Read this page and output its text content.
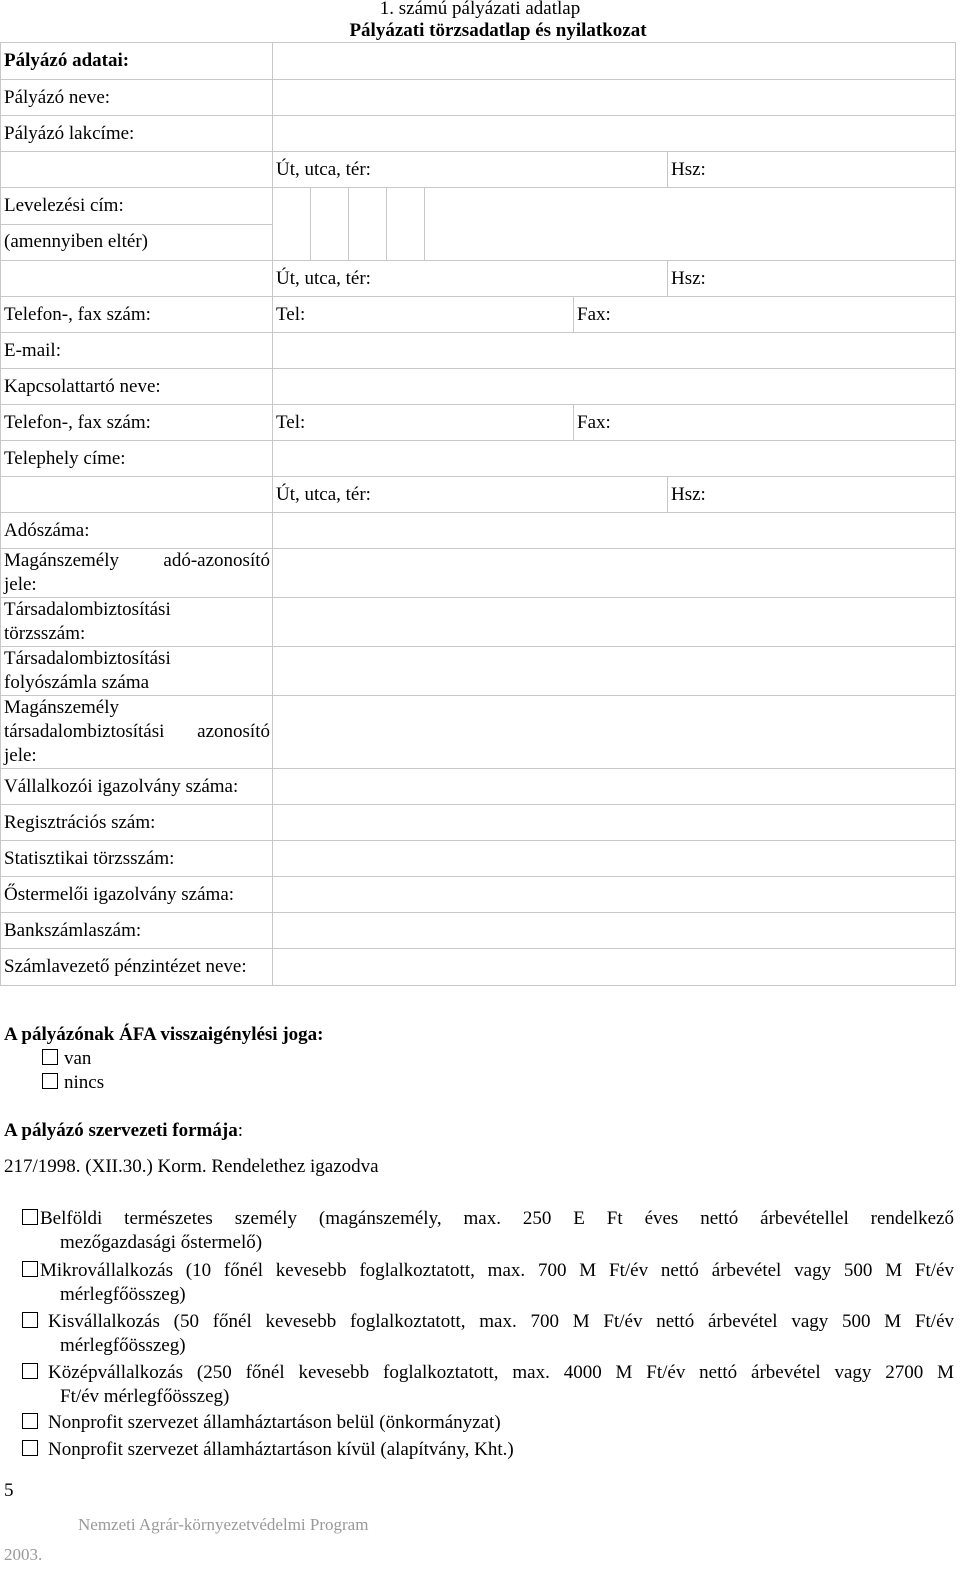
1. számú pályázati adatlap
Pályázati törzsadatlap és nyilatkozat
Pályázó adatai:			
Pályázó neve:			
Pályázó lakcíme:			

	Út, utca, tér:		Hsz:
Levelezési cím:			

(amennyiben eltér)			
	Út, utca, tér:		Hsz:
Telefon-, fax szám:	Tel:	Fax:	
E-mail:			
Kapcsolattartó neve:			
Telefon-, fax szám:	Tel:	Fax:	
Telephely címe:			

	Út, utca, tér:		Hsz:
Adószáma:			

Magánszemély adó-azonosító
jele:			

Társadalombiztosítási
törzsszám:			

Társadalombiztosítási
folyószámla száma			

Magánszemély
társadalombiztosítási azonosító
jele:			

Vállalkozói igazolvány száma:			
Regisztrációs szám:			
Statisztikai törzsszám:			
Őstermelői igazolvány száma:			
Bankszámlaszám:			
Számlavezető pénzintézet neve:			
A pályázónak ÁFA visszaigénylési joga:
van
nincs
A pályázó szervezeti formája:
217/1998. (XII.30.) Korm. Rendelethez igazodva
Belföldi természetes személy (magánszemély, max. 250 E Ft éves nettó árbevétellel rendelkező
mezőgazdasági őstermelő)
Mikrovállalkozás (10 főnél kevesebb foglalkoztatott, max. 700 M Ft/év nettó árbevétel vagy 500 M Ft/év
mérlegfőösszeg)
Kisvállalkozás (50 főnél kevesebb foglalkoztatott, max. 700 M Ft/év nettó árbevétel vagy 500 M Ft/év
mérlegfőösszeg)
Középvállalkozás (250 főnél kevesebb foglalkoztatott, max. 4000 M Ft/év nettó árbevétel vagy 2700 M
Ft/év mérlegfőösszeg)
Nonprofit szervezet államháztartáson belül (önkormányzat)
Nonprofit szervezet államháztartáson kívül (alapítvány, Kht.)
5
Nemzeti Agrár-környezetvédelmi Program
2003.
